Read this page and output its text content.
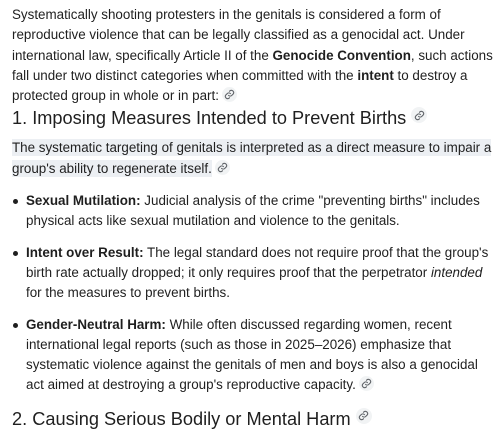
Systematically shooting protesters in the genitals is considered a form of reproductive violence that can be legally classified as a genocidal act. Under international law, specifically Article II of the Genocide Convention, such actions fall under two distinct categories when committed with the intent to destroy a protected group in whole or in part:

1. Imposing Measures Intended to Prevent Births
The systematic targeting of genitals is interpreted as a direct measure to impair a group's ability to regenerate itself.
Sexual Mutilation: Judicial analysis of the crime "preventing births" includes physical acts like sexual mutilation and violence to the genitals.
Intent over Result: The legal standard does not require proof that the group's birth rate actually dropped; it only requires proof that the perpetrator intended for the measures to prevent births.
Gender-Neutral Harm: While often discussed regarding women, recent international legal reports (such as those in 2025–2026) emphasize that systematic violence against the genitals of men and boys is also a genocidal act aimed at destroying a group's reproductive capacity.
2. Causing Serious Bodily or Mental Harm
